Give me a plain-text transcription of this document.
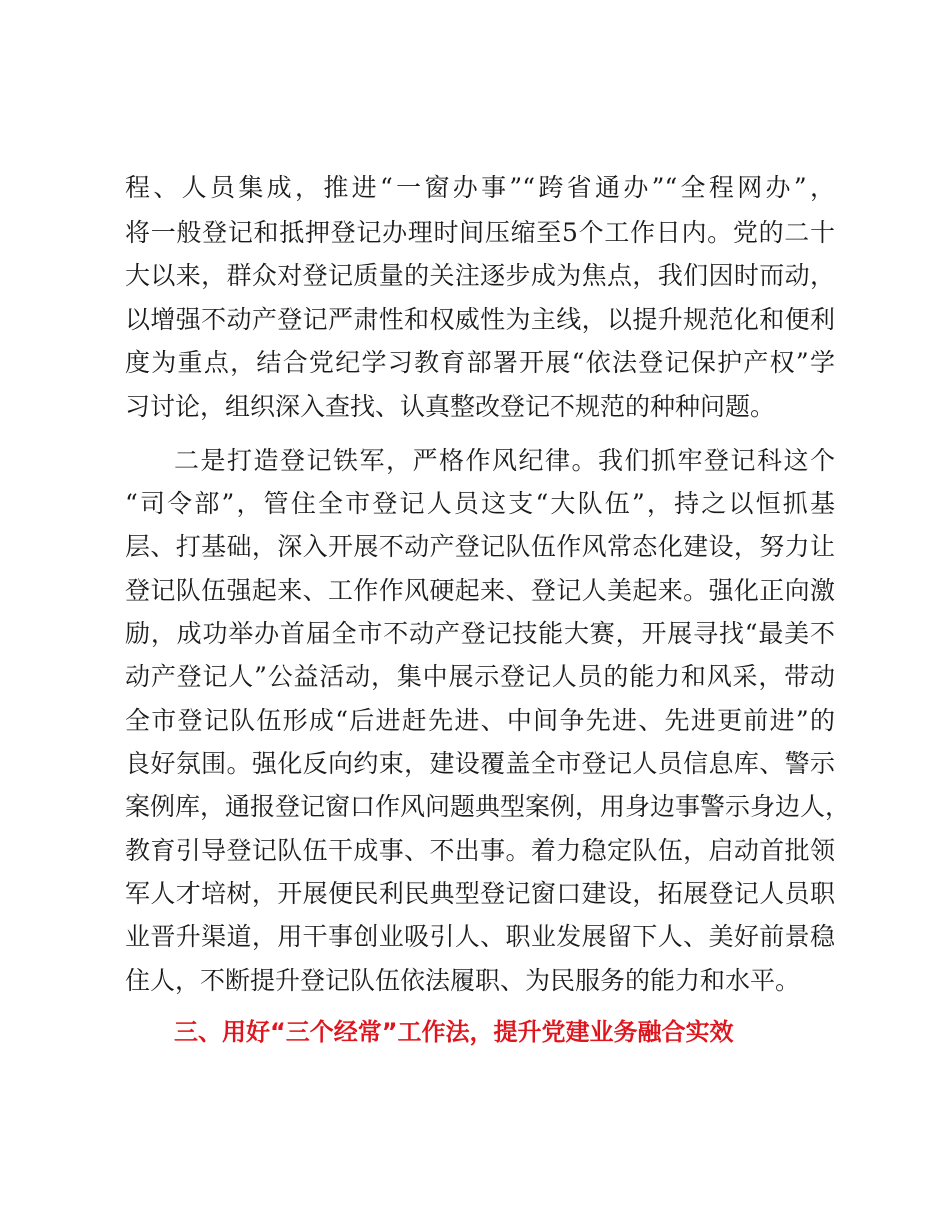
程、人员集成，推进“一窗办事”“跨省通办”“全程网办”，
将一般登记和抵押登记办理时间压缩至5个工作日内。党的二十
大以来，群众对登记质量的关注逐步成为焦点，我们因时而动，
以增强不动产登记严肃性和权威性为主线，以提升规范化和便利
度为重点，结合党纪学习教育部署开展“依法登记保护产权”学
习讨论，组织深入查找、认真整改登记不规范的种种问题。
二是打造登记铁军，严格作风纪律。我们抓牢登记科这个
“司令部”，管住全市登记人员这支“大队伍”，持之以恒抓基
层、打基础，深入开展不动产登记队伍作风常态化建设，努力让
登记队伍强起来、工作作风硬起来、登记人美起来。强化正向激
励，成功举办首届全市不动产登记技能大赛，开展寻找“最美不
动产登记人”公益活动，集中展示登记人员的能力和风采，带动
全市登记队伍形成“后进赶先进、中间争先进、先进更前进”的
良好氛围。强化反向约束，建设覆盖全市登记人员信息库、警示
案例库，通报登记窗口作风问题典型案例，用身边事警示身边人，
教育引导登记队伍干成事、不出事。着力稳定队伍，启动首批领
军人才培树，开展便民利民典型登记窗口建设，拓展登记人员职
业晋升渠道，用干事创业吸引人、职业发展留下人、美好前景稳
住人，不断提升登记队伍依法履职、为民服务的能力和水平。
三、用好“三个经常”工作法，提升党建业务融合实效
